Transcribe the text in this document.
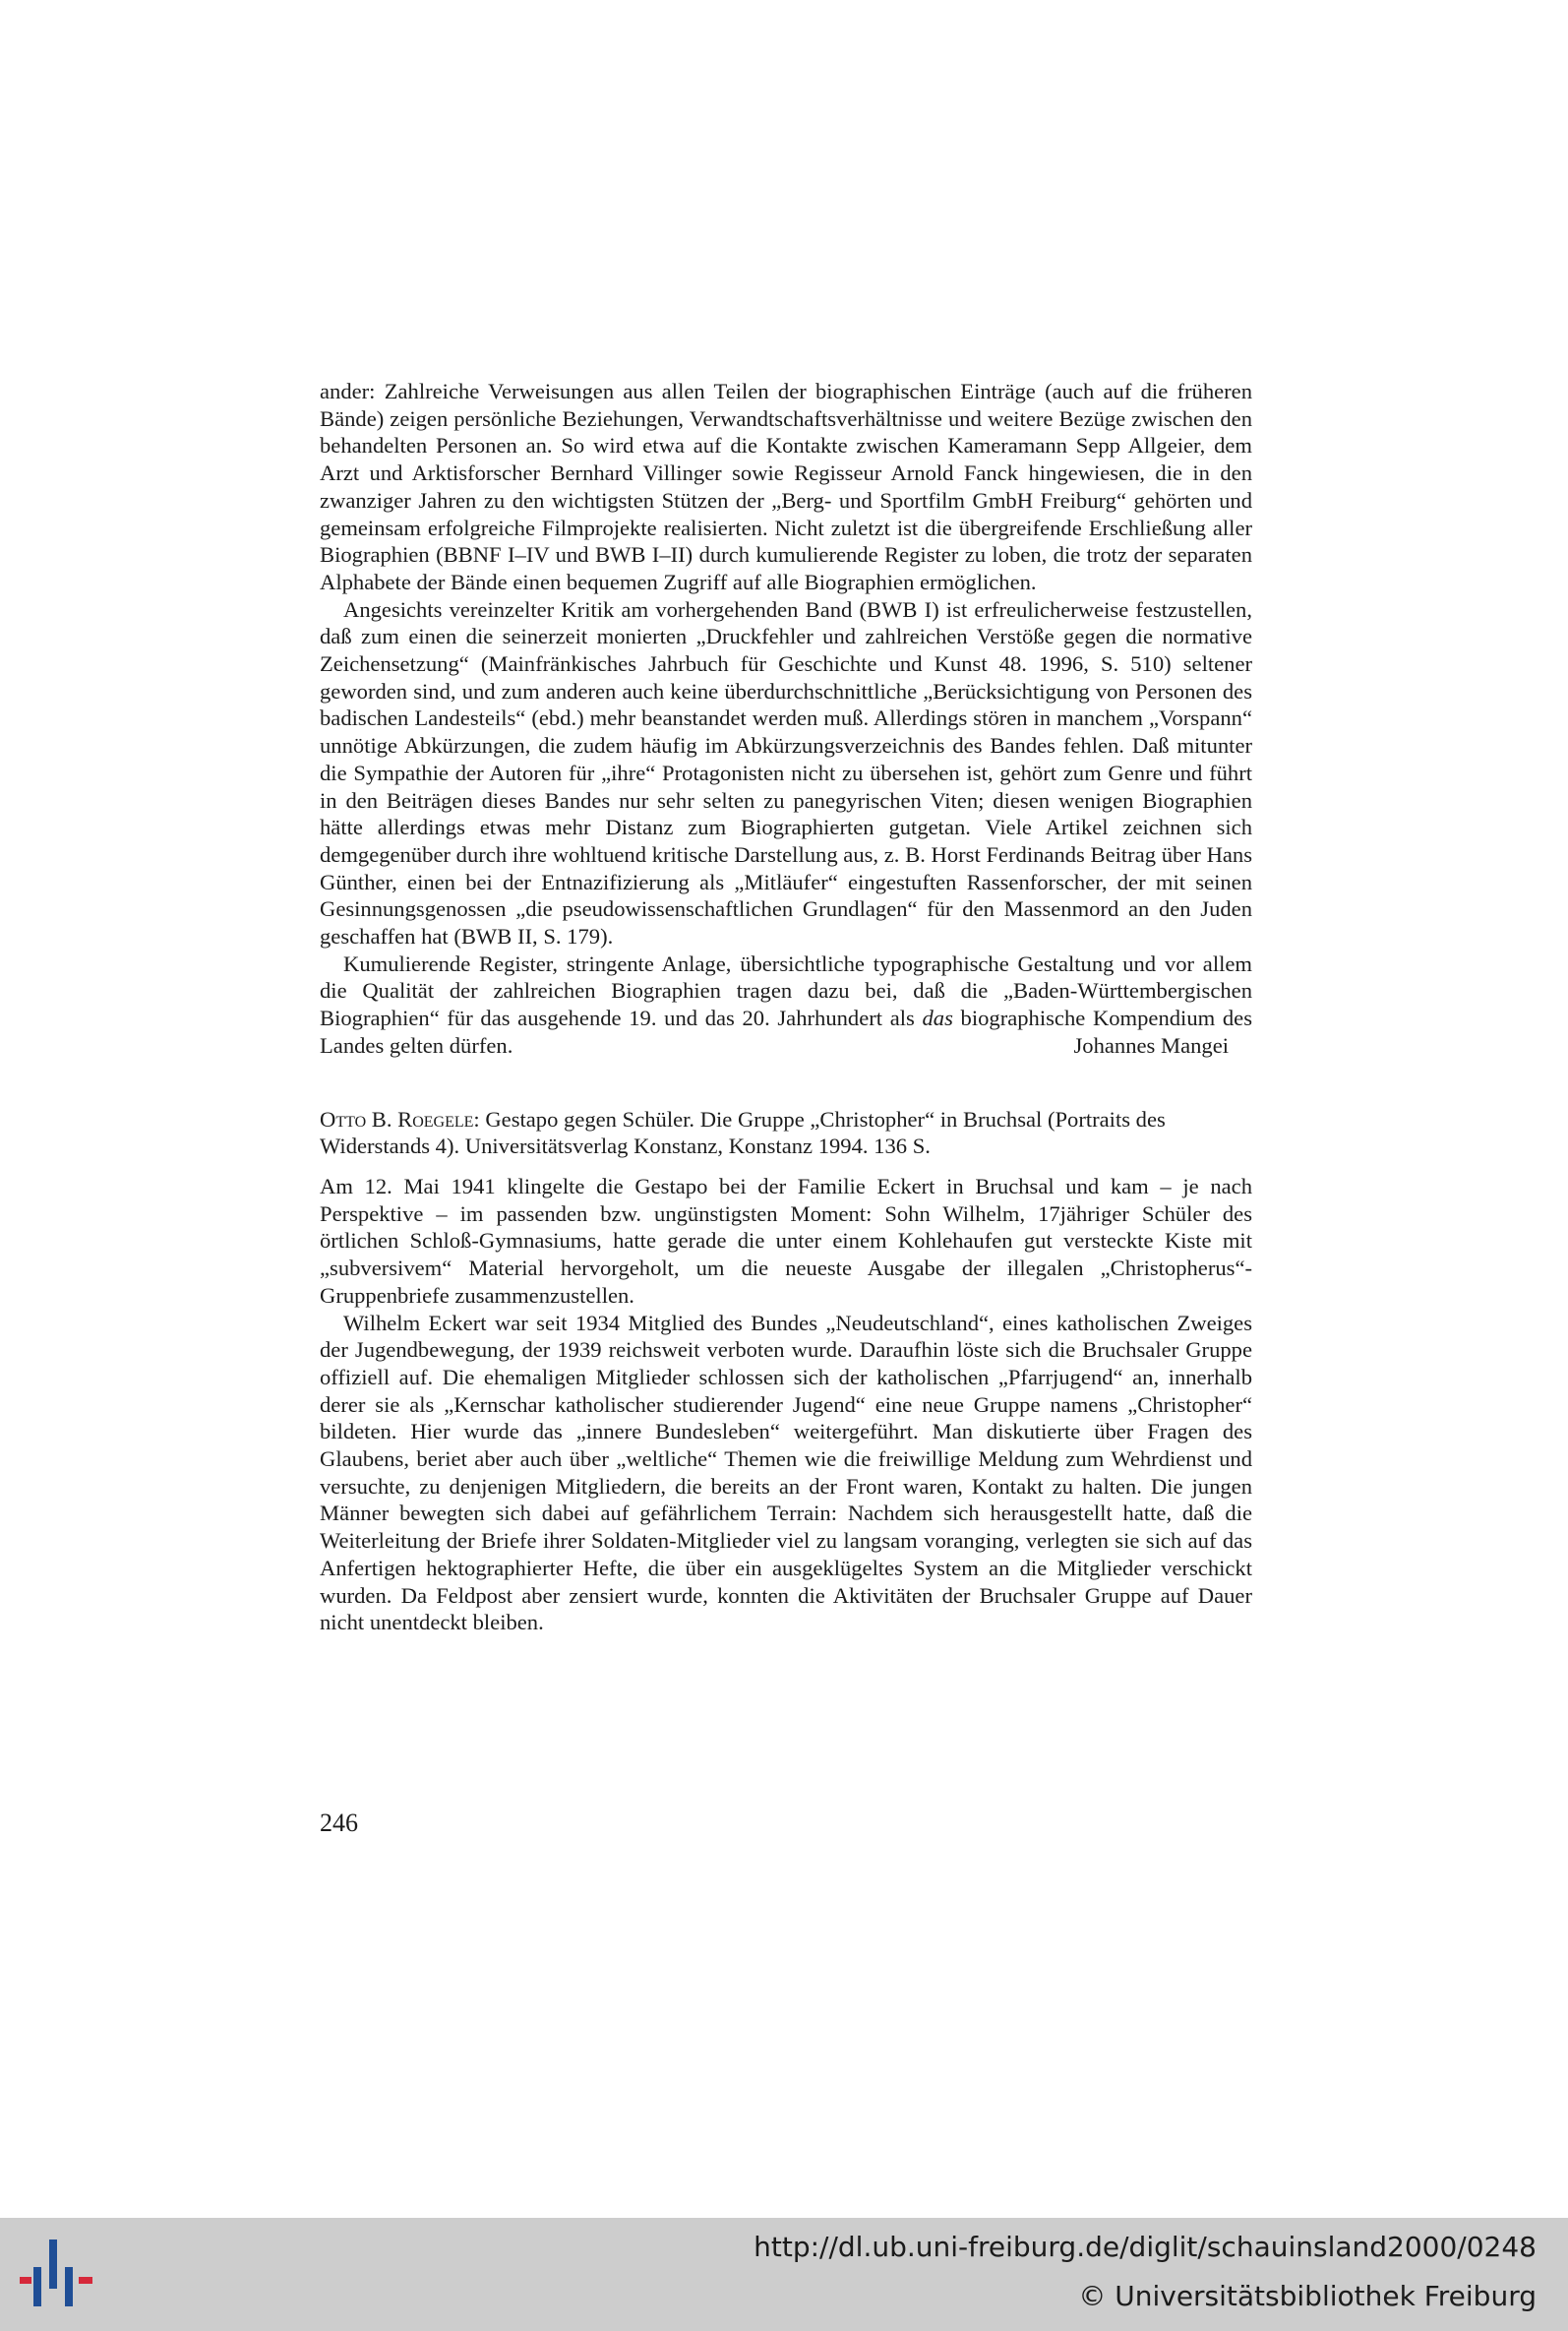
ander: Zahlreiche Verweisungen aus allen Teilen der biographischen Einträge (auch auf die früheren Bände) zeigen persönliche Beziehungen, Verwandtschaftsverhältnisse und weitere Bezüge zwischen den behandelten Personen an. So wird etwa auf die Kontakte zwischen Kameramann Sepp Allgeier, dem Arzt und Arktisforscher Bernhard Villinger sowie Regisseur Arnold Fanck hingewiesen, die in den zwanziger Jahren zu den wichtigsten Stützen der „Berg- und Sportfilm GmbH Freiburg“ gehörten und gemeinsam erfolgreiche Filmprojekte realisierten. Nicht zuletzt ist die übergreifende Erschließung aller Biographien (BBNF I–IV und BWB I–II) durch kumulierende Register zu loben, die trotz der separaten Alphabete der Bände einen bequemen Zugriff auf alle Biographien ermöglichen.

Angesichts vereinzelter Kritik am vorhergehenden Band (BWB I) ist erfreulicherweise festzustellen, daß zum einen die seinerzeit monierten „Druckfehler und zahlreichen Verstöße gegen die normative Zeichensetzung“ (Mainfränkisches Jahrbuch für Geschichte und Kunst 48. 1996, S. 510) seltener geworden sind, und zum anderen auch keine überdurchschnittliche „Berücksichtigung von Personen des badischen Landesteils“ (ebd.) mehr beanstandet werden muß. Allerdings stören in manchem „Vorspann“ unnötige Abkürzungen, die zudem häufig im Abkürzungsverzeichnis des Bandes fehlen. Daß mitunter die Sympathie der Autoren für „ihre“ Protagonisten nicht zu übersehen ist, gehört zum Genre und führt in den Beiträgen dieses Bandes nur sehr selten zu panegyrischen Viten; diesen wenigen Biographien hätte allerdings etwas mehr Distanz zum Biographierten gutgetan. Viele Artikel zeichnen sich demgegenüber durch ihre wohltuend kritische Darstellung aus, z. B. Horst Ferdinands Beitrag über Hans Günther, einen bei der Entnazifizierung als „Mitläufer“ eingestuften Rassenforscher, der mit seinen Gesinnungsgenossen „die pseudowissenschaftlichen Grundlagen“ für den Massenmord an den Juden geschaffen hat (BWB II, S. 179).

Kumulierende Register, stringente Anlage, übersichtliche typographische Gestaltung und vor allem die Qualität der zahlreichen Biographien tragen dazu bei, daß die „Baden-Württembergischen Biographien“ für das ausgehende 19. und das 20. Jahrhundert als das biographische Kompendium des Landes gelten dürfen.	Johannes Mangei

Otto B. Roegele: Gestapo gegen Schüler. Die Gruppe „Christopher“ in Bruchsal (Portraits des Widerstands 4). Universitätsverlag Konstanz, Konstanz 1994. 136 S.

Am 12. Mai 1941 klingelte die Gestapo bei der Familie Eckert in Bruchsal und kam – je nach Perspektive – im passenden bzw. ungünstigsten Moment: Sohn Wilhelm, 17jähriger Schüler des örtlichen Schloß-Gymnasiums, hatte gerade die unter einem Kohlehaufen gut versteckte Kiste mit „subversivem“ Material hervorgeholt, um die neueste Ausgabe der illegalen „Christopherus“-Gruppenbriefe zusammenzustellen.

Wilhelm Eckert war seit 1934 Mitglied des Bundes „Neudeutschland“, eines katholischen Zweiges der Jugendbewegung, der 1939 reichsweit verboten wurde. Daraufhin löste sich die Bruchsaler Gruppe offiziell auf. Die ehemaligen Mitglieder schlossen sich der katholischen „Pfarrjugend“ an, innerhalb derer sie als „Kernschar katholischer studierender Jugend“ eine neue Gruppe namens „Christopher“ bildeten. Hier wurde das „innere Bundesleben“ weitergeführt. Man diskutierte über Fragen des Glaubens, beriet aber auch über „weltliche“ Themen wie die freiwillige Meldung zum Wehrdienst und versuchte, zu denjenigen Mitgliedern, die bereits an der Front waren, Kontakt zu halten. Die jungen Männer bewegten sich dabei auf gefährlichem Terrain: Nachdem sich herausgestellt hatte, daß die Weiterleitung der Briefe ihrer Soldaten-Mitglieder viel zu langsam voranging, verlegten sie sich auf das Anfertigen hektographierter Hefte, die über ein ausgeklügeltes System an die Mitglieder verschickt wurden. Da Feldpost aber zensiert wurde, konnten die Aktivitäten der Bruchsaler Gruppe auf Dauer nicht unentdeckt bleiben.

246
http://dl.ub.uni-freiburg.de/diglit/schauinsland2000/0248
© Universitätsbibliothek Freiburg
